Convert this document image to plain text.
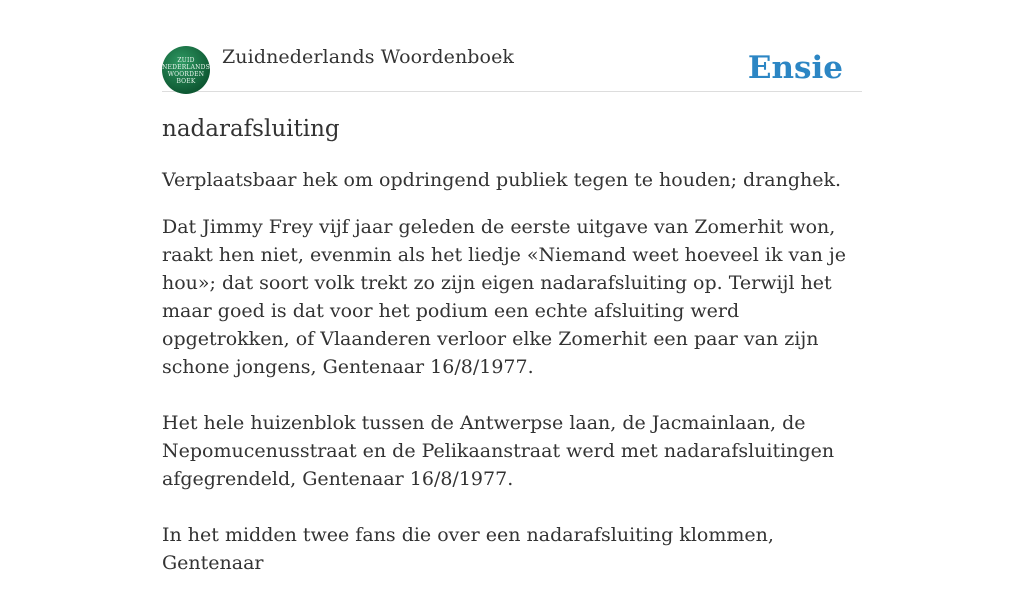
ZUID
NEDERLANDS
WOORDEN
BOEK
Zuidnederlands Woordenboek	Ensie
nadarafsluiting

Verplaatsbaar hek om opdringend publiek tegen te houden; dranghek.

Dat Jimmy Frey vijf jaar geleden de eerste uitgave van Zomerhit won, raakt hen niet, evenmin als het liedje «Niemand weet hoeveel ik van je hou»; dat soort volk trekt zo zijn eigen nadarafsluiting op. Terwijl het maar goed is dat voor het podium een echte afsluiting werd opgetrokken, of Vlaanderen verloor elke Zomerhit een paar van zijn schone jongens, Gentenaar 16/8/1977.

Het hele huizenblok tussen de Antwerpse laan, de Jacmainlaan, de Nepomucenusstraat en de Pelikaanstraat werd met nadarafsluitingen afgegrendeld, Gentenaar 16/8/1977.

In het midden twee fans die over een nadarafsluiting klommen, Gentenaar
